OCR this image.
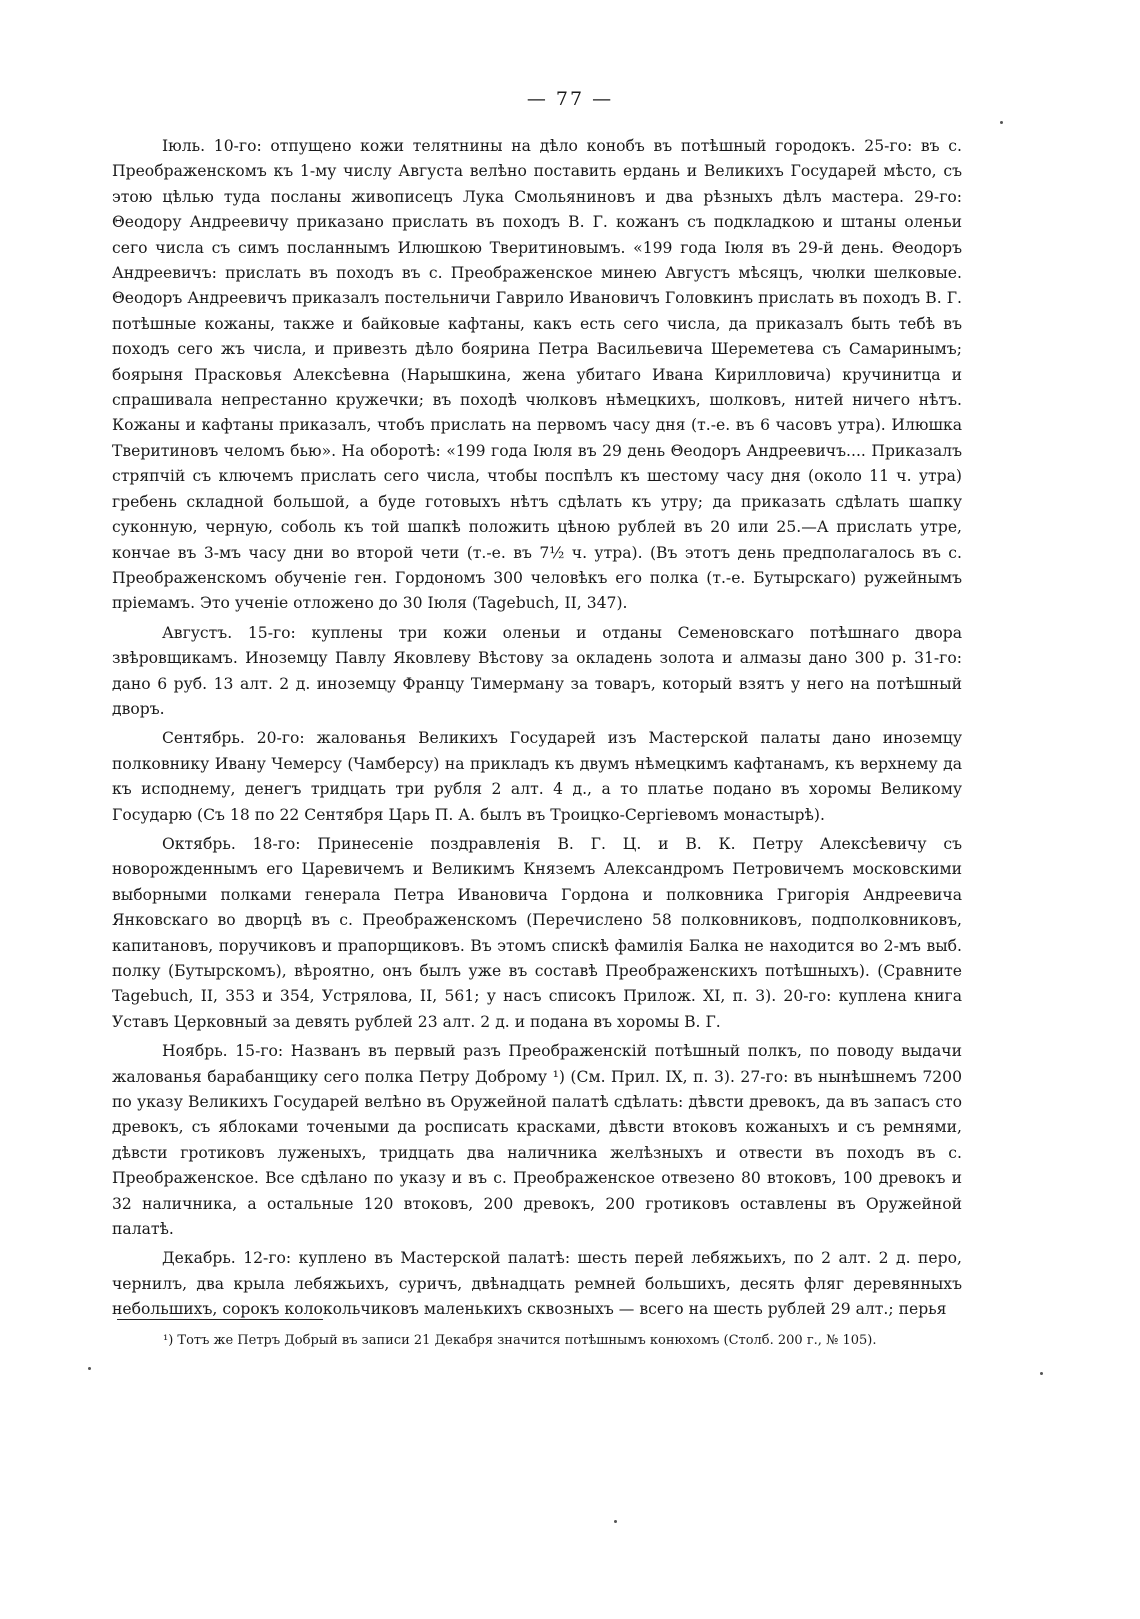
— 77 —

Іюль. 10-го: отпущено кожи телятнины на дѣло конобъ въ потѣшный городокъ. 25-го: въ с. Преображенскомъ къ 1-му числу Августа велѣно поставить ердань и Великихъ Государей мѣсто, съ этою цѣлью туда посланы живописецъ Лука Смольяниновъ и два рѣзныхъ дѣлъ мастера. 29-го: Θеодору Андреевичу приказано прислать въ походъ В. Г. кожанъ съ подкладкою и штаны оленьи сего числа съ симъ посланнымъ Илюшкою Тверитиновымъ. «199 года Іюля въ 29-й день. Θеодоръ Андреевичъ: прислать въ походъ въ с. Преображенское минею Августъ мѣсяцъ, чюлки шелковые. Θеодоръ Андреевичъ приказалъ постельничи Гаврило Ивановичъ Головкинъ прислать въ походъ В. Г. потѣшные кожаны, также и байковые кафтаны, какъ есть сего числа, да приказалъ быть тебѣ въ походъ сего жъ числа, и привезть дѣло боярина Петра Васильевича Шереметева съ Самаринымъ; боярыня Прасковья Алексѣевна (Нарышкина, жена убитаго Ивана Кирилловича) кручинитца и спрашивала непрестанно кружечки; въ походѣ чюлковъ нѣмецкихъ, шолковъ, нитей ничего нѣтъ. Кожаны и кафтаны приказалъ, чтобъ прислать на первомъ часу дня (т.-е. въ 6 часовъ утра). Илюшка Тверитиновъ челомъ бью». На оборотѣ: «199 года Іюля въ 29 день Θеодоръ Андреевичъ.... Приказалъ стряпчій съ ключемъ прислать сего числа, чтобы поспѣлъ къ шестому часу дня (около 11 ч. утра) гребень складной большой, а буде готовыхъ нѣтъ сдѣлать къ утру; да приказать сдѣлать шапку суконную, черную, соболь къ той шапкѣ положить цѣною рублей въ 20 или 25.—А прислать утре, кончае въ 3-мъ часу дни во второй чети (т.-е. въ 7½ ч. утра). (Въ этотъ день предполагалось въ с. Преображенскомъ обученіе ген. Гордономъ 300 человѣкъ его полка (т.-е. Бутырскаго) ружейнымъ пріемамъ. Это ученіе отложено до 30 Іюля (Tagebuch, II, 347).

Августъ. 15-го: куплены три кожи оленьи и отданы Семеновскаго потѣшнаго двора звѣровщикамъ. Иноземцу Павлу Яковлеву Вѣстову за окладень золота и алмазы дано 300 р. 31-го: дано 6 руб. 13 алт. 2 д. иноземцу Францу Тимерману за товаръ, который взятъ у него на потѣшный дворъ.

Сентябрь. 20-го: жалованья Великихъ Государей изъ Мастерской палаты дано иноземцу полковнику Ивану Чемерсу (Чамберсу) на прикладъ къ двумъ нѣмецкимъ кафтанамъ, къ верхнему да къ исподнему, денегъ тридцать три рубля 2 алт. 4 д., а то платье подано въ хоромы Великому Государю (Съ 18 по 22 Сентября Царь П. А. былъ въ Троицко-Сергіевомъ монастырѣ).

Октябрь. 18-го: Принесеніе поздравленія В. Г. Ц. и В. К. Петру Алексѣевичу съ новорожденнымъ его Царевичемъ и Великимъ Княземъ Александромъ Петровичемъ московскими выборными полками генерала Петра Ивановича Гордона и полковника Григорія Андреевича Янковскаго во дворцѣ въ с. Преображенскомъ (Перечислено 58 полковниковъ, подполковниковъ, капитановъ, поручиковъ и прапорщиковъ. Въ этомъ спискѣ фамилія Балка не находится во 2-мъ выб. полку (Бутырскомъ), вѣроятно, онъ былъ уже въ составѣ Преображенскихъ потѣшныхъ). (Сравните Tagebuch, II, 353 и 354, Устрялова, II, 561; у насъ списокъ Прилож. XI, п. 3). 20-го: куплена книга Уставъ Церковный за девять рублей 23 алт. 2 д. и подана въ хоромы В. Г.

Ноябрь. 15-го: Названъ въ первый разъ Преображенскій потѣшный полкъ, по поводу выдачи жалованья барабанщику сего полка Петру Доброму ¹) (См. Прил. IX, п. 3). 27-го: въ нынѣшнемъ 7200 по указу Великихъ Государей велѣно въ Оружейной палатѣ сдѣлать: дѣвсти древокъ, да въ запасъ сто древокъ, съ яблоками точеными да росписать красками, дѣвсти втоковъ кожаныхъ и съ ремнями, дѣвсти гротиковъ луженыхъ, тридцать два наличника желѣзныхъ и отвести въ походъ въ с. Преображенское. Все сдѣлано по указу и въ с. Преображенское отвезено 80 втоковъ, 100 древокъ и 32 наличника, а остальные 120 втоковъ, 200 древокъ, 200 гротиковъ оставлены въ Оружейной палатѣ.

Декабрь. 12-го: куплено въ Мастерской палатѣ: шесть перей лебяжьихъ, по 2 алт. 2 д. перо, чернилъ, два крыла лебяжьихъ, суричъ, двѣнадцать ремней большихъ, десять фляг деревянныхъ небольшихъ, сорокъ колокольчиковъ маленькихъ сквозныхъ — всего на шесть рублей 29 алт.; перья

¹) Тотъ же Петръ Добрый въ записи 21 Декабря значится потѣшнымъ конюхомъ (Столб. 200 г., № 105).
